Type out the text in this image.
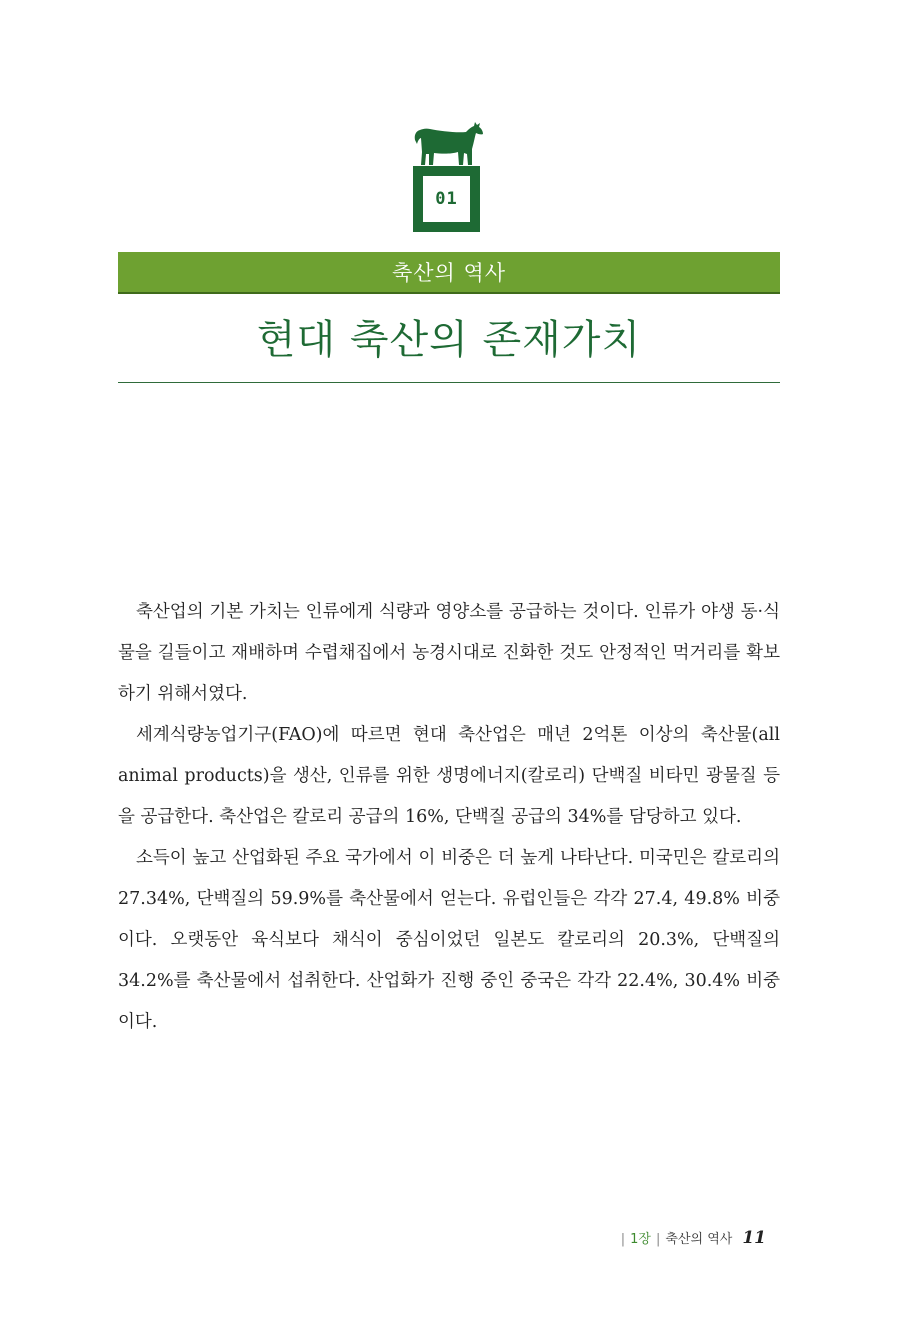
01
축산의 역사
현대 축산의 존재가치

축산업의 기본 가치는 인류에게 식량과 영양소를 공급하는 것이다. 인류가 야생 동·식물을 길들이고 재배하며 수렵채집에서 농경시대로 진화한 것도 안정적인 먹거리를 확보하기 위해서였다.

세계식량농업기구(FAO)에 따르면 현대 축산업은 매년 2억톤 이상의 축산물(all animal products)을 생산, 인류를 위한 생명에너지(칼로리) 단백질 비타민 광물질 등을 공급한다. 축산업은 칼로리 공급의 16%, 단백질 공급의 34%를 담당하고 있다.

소득이 높고 산업화된 주요 국가에서 이 비중은 더 높게 나타난다. 미국민은 칼로리의 27.34%, 단백질의 59.9%를 축산물에서 얻는다. 유럽인들은 각각 27.4, 49.8% 비중이다. 오랫동안 육식보다 채식이 중심이었던 일본도 칼로리의 20.3%, 단백질의 34.2%를 축산물에서 섭취한다. 산업화가 진행 중인 중국은 각각 22.4%, 30.4% 비중이다.

| 1장 | 축산의 역사 11
